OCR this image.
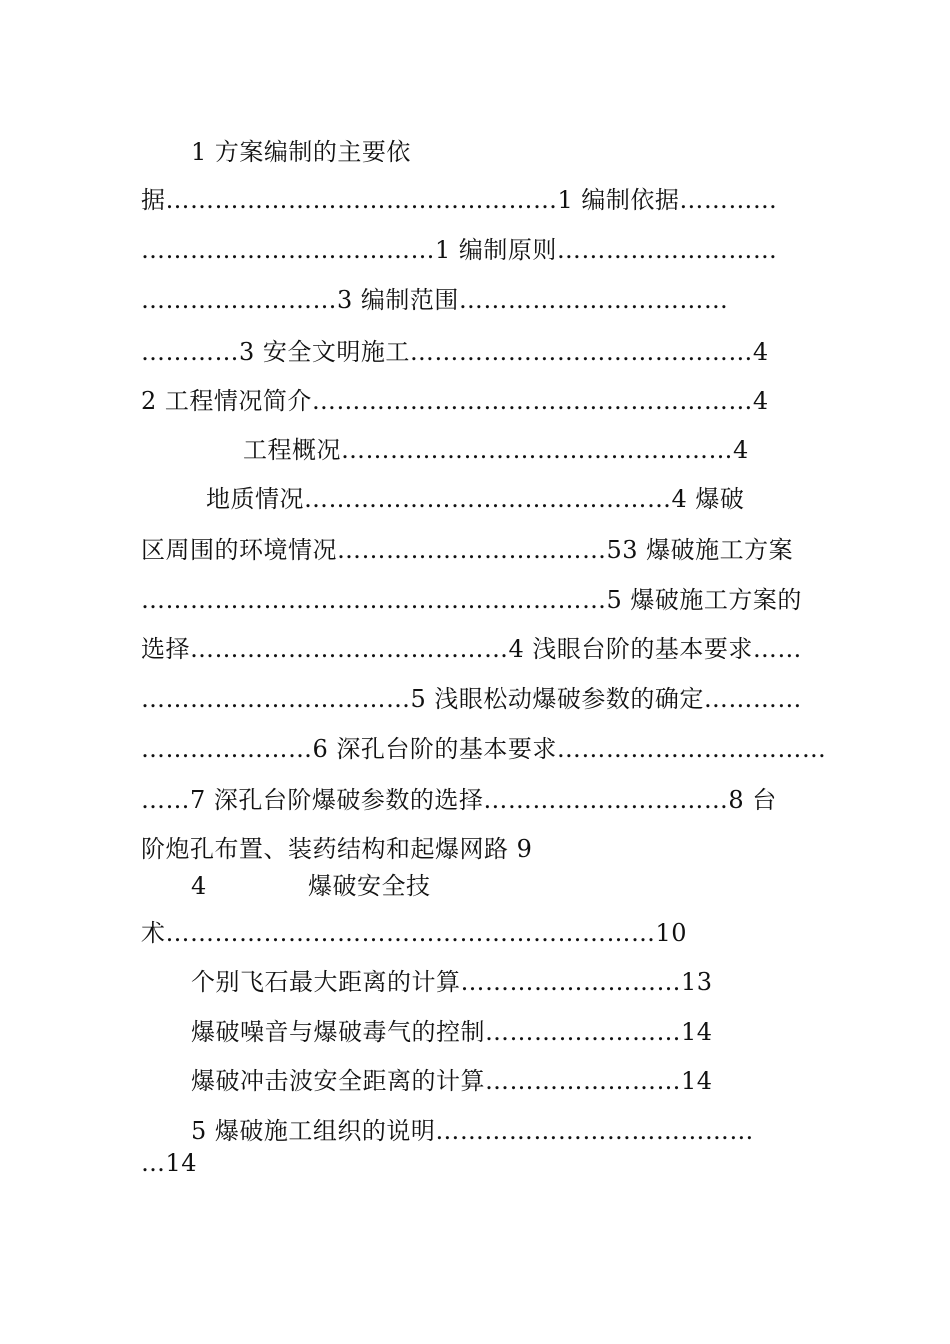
1 方案编制的主要依
据…………………………………………1 编制依据…………
………………………………1 编制原则………………………
……………………3 编制范围……………………………
…………3 安全文明施工……………………………………4
2 工程情况简介………………………………………………4
工程概况…………………………………………4
地质情况………………………………………4 爆破
区周围的环境情况……………………………53 爆破施工方案
…………………………………………………5 爆破施工方案的
选择…………………………………4 浅眼台阶的基本要求……
……………………………5 浅眼松动爆破参数的确定…………
…………………6 深孔台阶的基本要求……………………………
……7 深孔台阶爆破参数的选择…………………………8 台
阶炮孔布置、装药结构和起爆网路 9
4	爆破安全技
术……………………………………………………10
个别飞石最大距离的计算………………………13
爆破噪音与爆破毒气的控制……………………14
爆破冲击波安全距离的计算……………………14
5 爆破施工组织的说明…………………………………
…14
